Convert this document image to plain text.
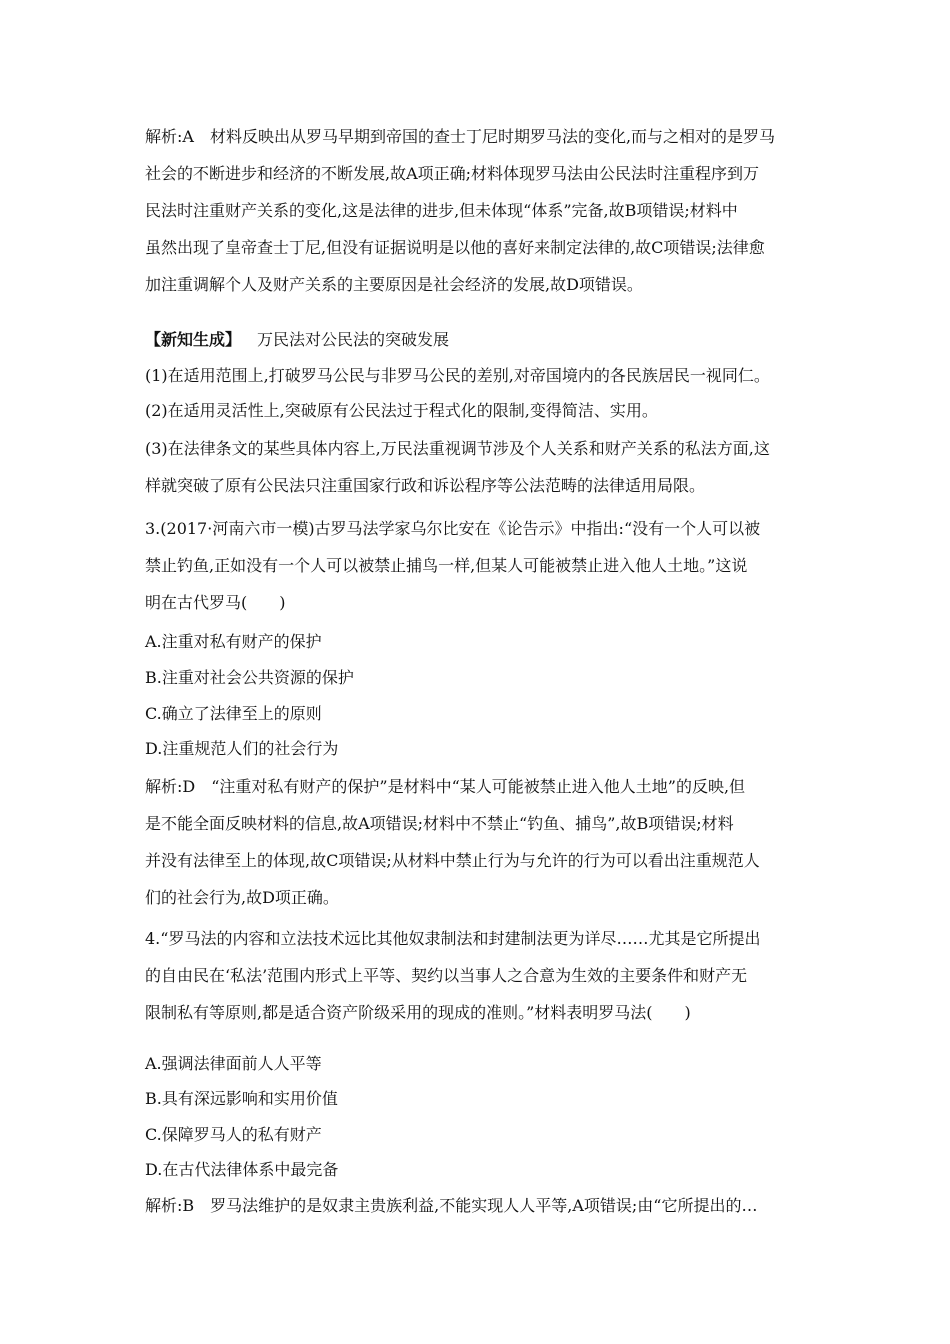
解析:A　材料反映出从罗马早期到帝国的查士丁尼时期罗马法的变化,而与之相对的是罗马
社会的不断进步和经济的不断发展,故A项正确;材料体现罗马法由公民法时注重程序到万
民法时注重财产关系的变化,这是法律的进步,但未体现“体系”完备,故B项错误;材料中
虽然出现了皇帝查士丁尼,但没有证据说明是以他的喜好来制定法律的,故C项错误;法律愈
加注重调解个人及财产关系的主要原因是社会经济的发展,故D项错误。
【新知生成】 万民法对公民法的突破发展

(1)在适用范围上,打破罗马公民与非罗马公民的差别,对帝国境内的各民族居民一视同仁。

(2)在适用灵活性上,突破原有公民法过于程式化的限制,变得简洁、实用。

(3)在法律条文的某些具体内容上,万民法重视调节涉及个人关系和财产关系的私法方面,这
样就突破了原有公民法只注重国家行政和诉讼程序等公法范畴的法律适用局限。
3.(2017·河南六市一模)古罗马法学家乌尔比安在《论告示》中指出:“没有一个人可以被
禁止钓鱼,正如没有一个人可以被禁止捕鸟一样,但某人可能被禁止进入他人土地。”这说
明在古代罗马(　　)

A.注重对私有财产的保护

B.注重对社会公共资源的保护

C.确立了法律至上的原则

D.注重规范人们的社会行为

解析:D　“注重对私有财产的保护”是材料中“某人可能被禁止进入他人土地”的反映,但
是不能全面反映材料的信息,故A项错误;材料中不禁止“钓鱼、捕鸟”,故B项错误;材料
并没有法律至上的体现,故C项错误;从材料中禁止行为与允许的行为可以看出注重规范人
们的社会行为,故D项正确。
4.“罗马法的内容和立法技术远比其他奴隶制法和封建制法更为详尽……尤其是它所提出
的自由民在‘私法’范围内形式上平等、契约以当事人之合意为生效的主要条件和财产无
限制私有等原则,都是适合资产阶级采用的现成的准则。”材料表明罗马法(　　)

A.强调法律面前人人平等

B.具有深远影响和实用价值

C.保障罗马人的私有财产

D.在古代法律体系中最完备

解析:B　罗马法维护的是奴隶主贵族利益,不能实现人人平等,A项错误;由“它所提出的…
